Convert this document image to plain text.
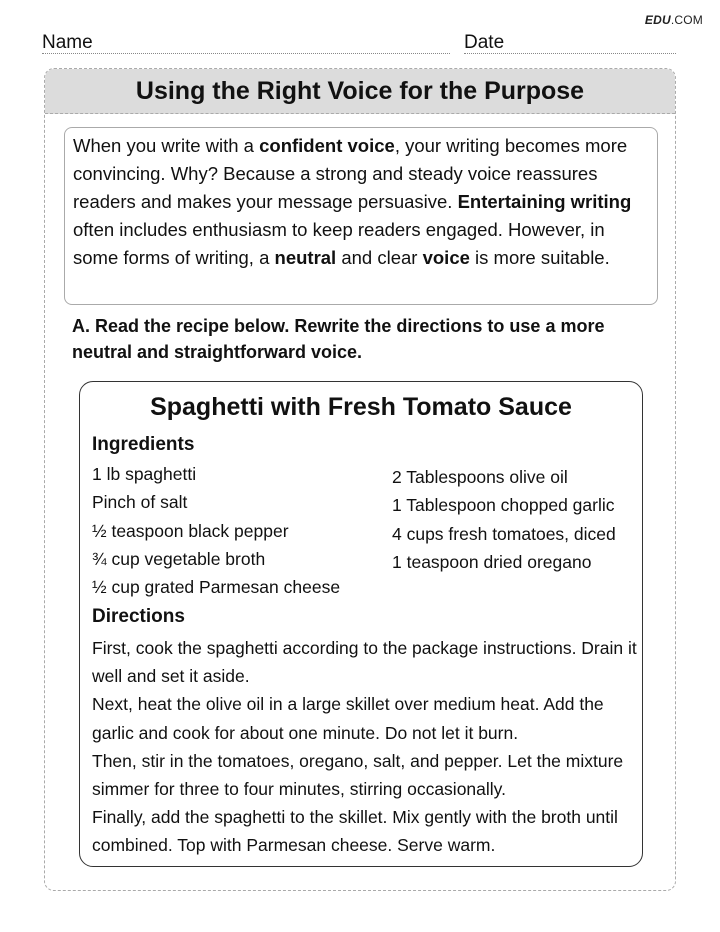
EDU.COM
Name	Date
Using the Right Voice for the Purpose
When you write with a confident voice, your writing becomes more convincing. Why? Because a strong and steady voice reassures readers and makes your message persuasive. Entertaining writing often includes enthusiasm to keep readers engaged. However, in some forms of writing, a neutral and clear voice is more suitable.
A. Read the recipe below. Rewrite the directions to use a more neutral and straightforward voice.
Spaghetti with Fresh Tomato Sauce
Ingredients
1 lb spaghetti
Pinch of salt
½ teaspoon black pepper
¾ cup vegetable broth
½ cup grated Parmesan cheese
2 Tablespoons olive oil
1 Tablespoon chopped garlic
4 cups fresh tomatoes, diced
1 teaspoon dried oregano
Directions

First, cook the spaghetti according to the package instructions. Drain it well and set it aside.

Next, heat the olive oil in a large skillet over medium heat. Add the garlic and cook for about one minute. Do not let it burn.

Then, stir in the tomatoes, oregano, salt, and pepper. Let the mixture simmer for three to four minutes, stirring occasionally.

Finally, add the spaghetti to the skillet. Mix gently with the broth until combined. Top with Parmesan cheese. Serve warm.
